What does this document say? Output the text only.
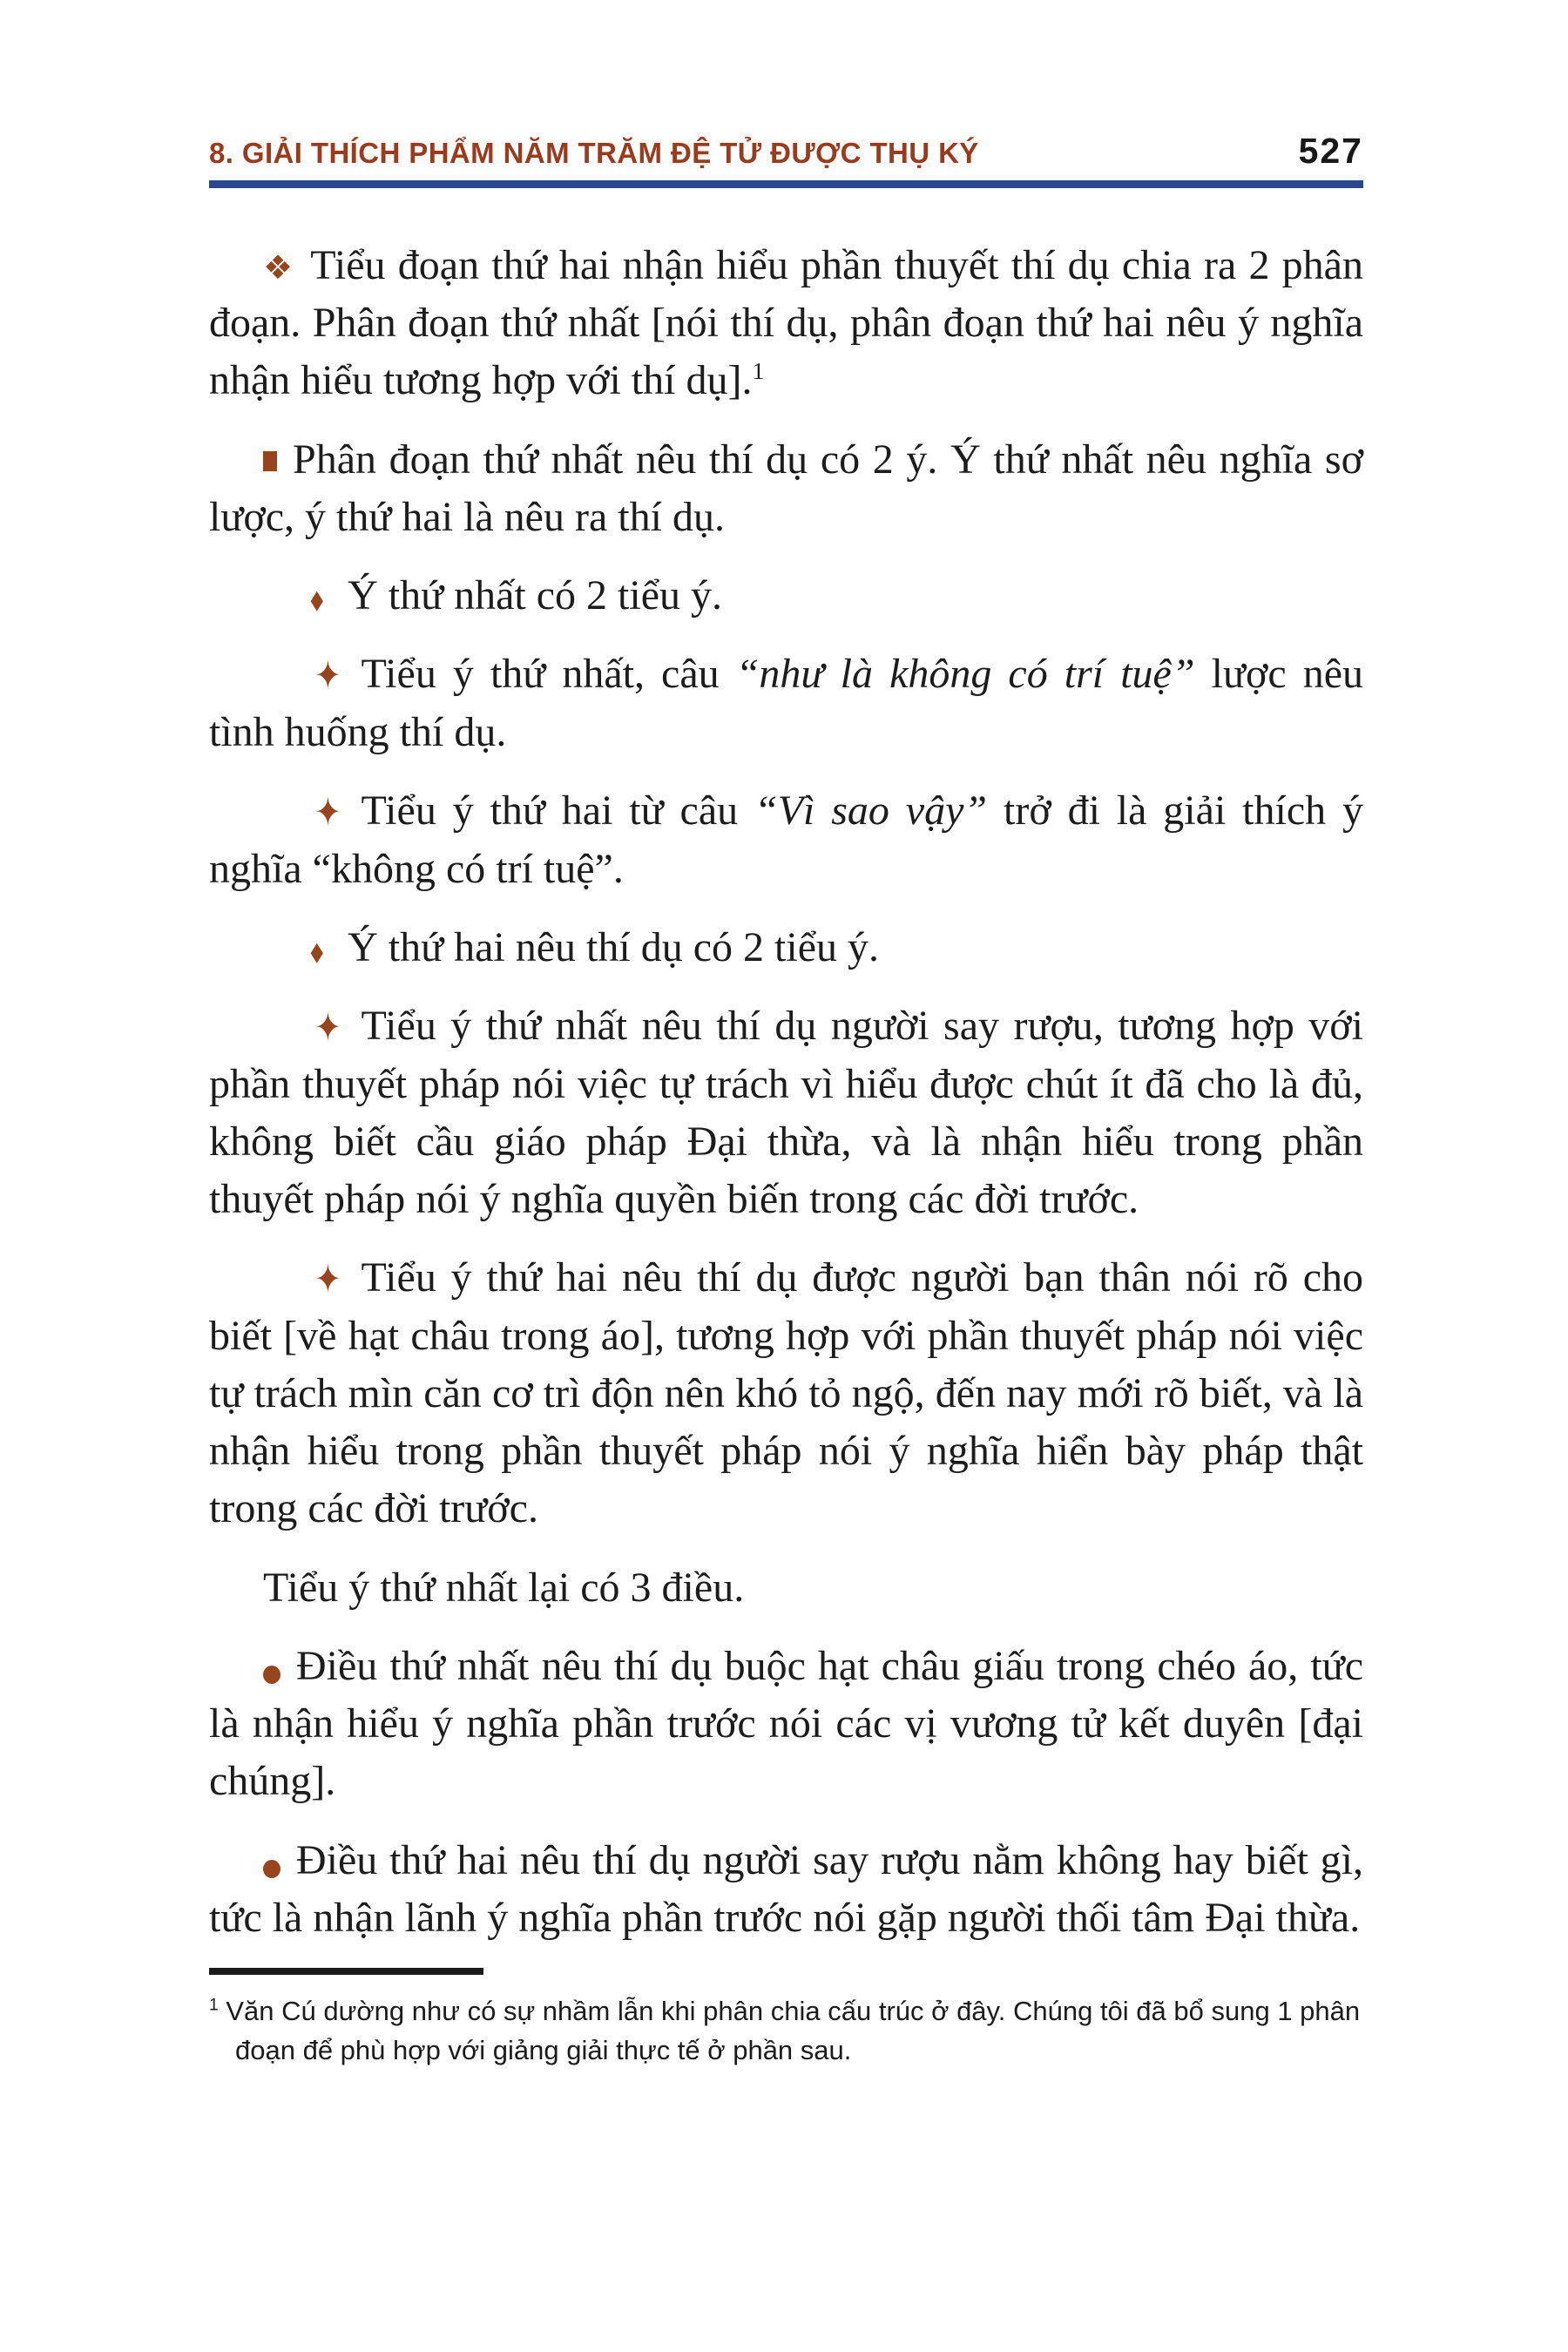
8. GIẢI THÍCH PHẨM NĂM TRĂM ĐỆ TỬ ĐƯỢC THỤ KÝ	527

❖ Tiểu đoạn thứ hai nhận hiểu phần thuyết thí dụ chia ra 2 phân đoạn. Phân đoạn thứ nhất [nói thí dụ, phân đoạn thứ hai nêu ý nghĩa nhận hiểu tương hợp với thí dụ].$^1$

Phân đoạn thứ nhất nêu thí dụ có 2 ý. Ý thứ nhất nêu nghĩa sơ lược, ý thứ hai là nêu ra thí dụ.

◆ Ý thứ nhất có 2 tiểu ý.

✦ Tiểu ý thứ nhất, câu “như là không có trí tuệ” lược nêu tình huống thí dụ.

✦ Tiểu ý thứ hai từ câu “Vì sao vậy” trở đi là giải thích ý nghĩa “không có trí tuệ”.

◆ Ý thứ hai nêu thí dụ có 2 tiểu ý.

✦ Tiểu ý thứ nhất nêu thí dụ người say rượu, tương hợp với phần thuyết pháp nói việc tự trách vì hiểu được chút ít đã cho là đủ, không biết cầu giáo pháp Đại thừa, và là nhận hiểu trong phần thuyết pháp nói ý nghĩa quyền biến trong các đời trước.

✦ Tiểu ý thứ hai nêu thí dụ được người bạn thân nói rõ cho biết [về hạt châu trong áo], tương hợp với phần thuyết pháp nói việc tự trách mìn căn cơ trì độn nên khó tỏ ngộ, đến nay mới rõ biết, và là nhận hiểu trong phần thuyết pháp nói ý nghĩa hiển bày pháp thật trong các đời trước.

Tiểu ý thứ nhất lại có 3 điều.

Điều thứ nhất nêu thí dụ buộc hạt châu giấu trong chéo áo, tức là nhận hiểu ý nghĩa phần trước nói các vị vương tử kết duyên [đại chúng].

Điều thứ hai nêu thí dụ người say rượu nằm không hay biết gì, tức là nhận lãnh ý nghĩa phần trước nói gặp người thối tâm Đại thừa.

$^1$ Văn Cú dường như có sự nhầm lẫn khi phân chia cấu trúc ở đây. Chúng tôi đã bổ sung 1 phân đoạn để phù hợp với giảng giải thực tế ở phần sau.
